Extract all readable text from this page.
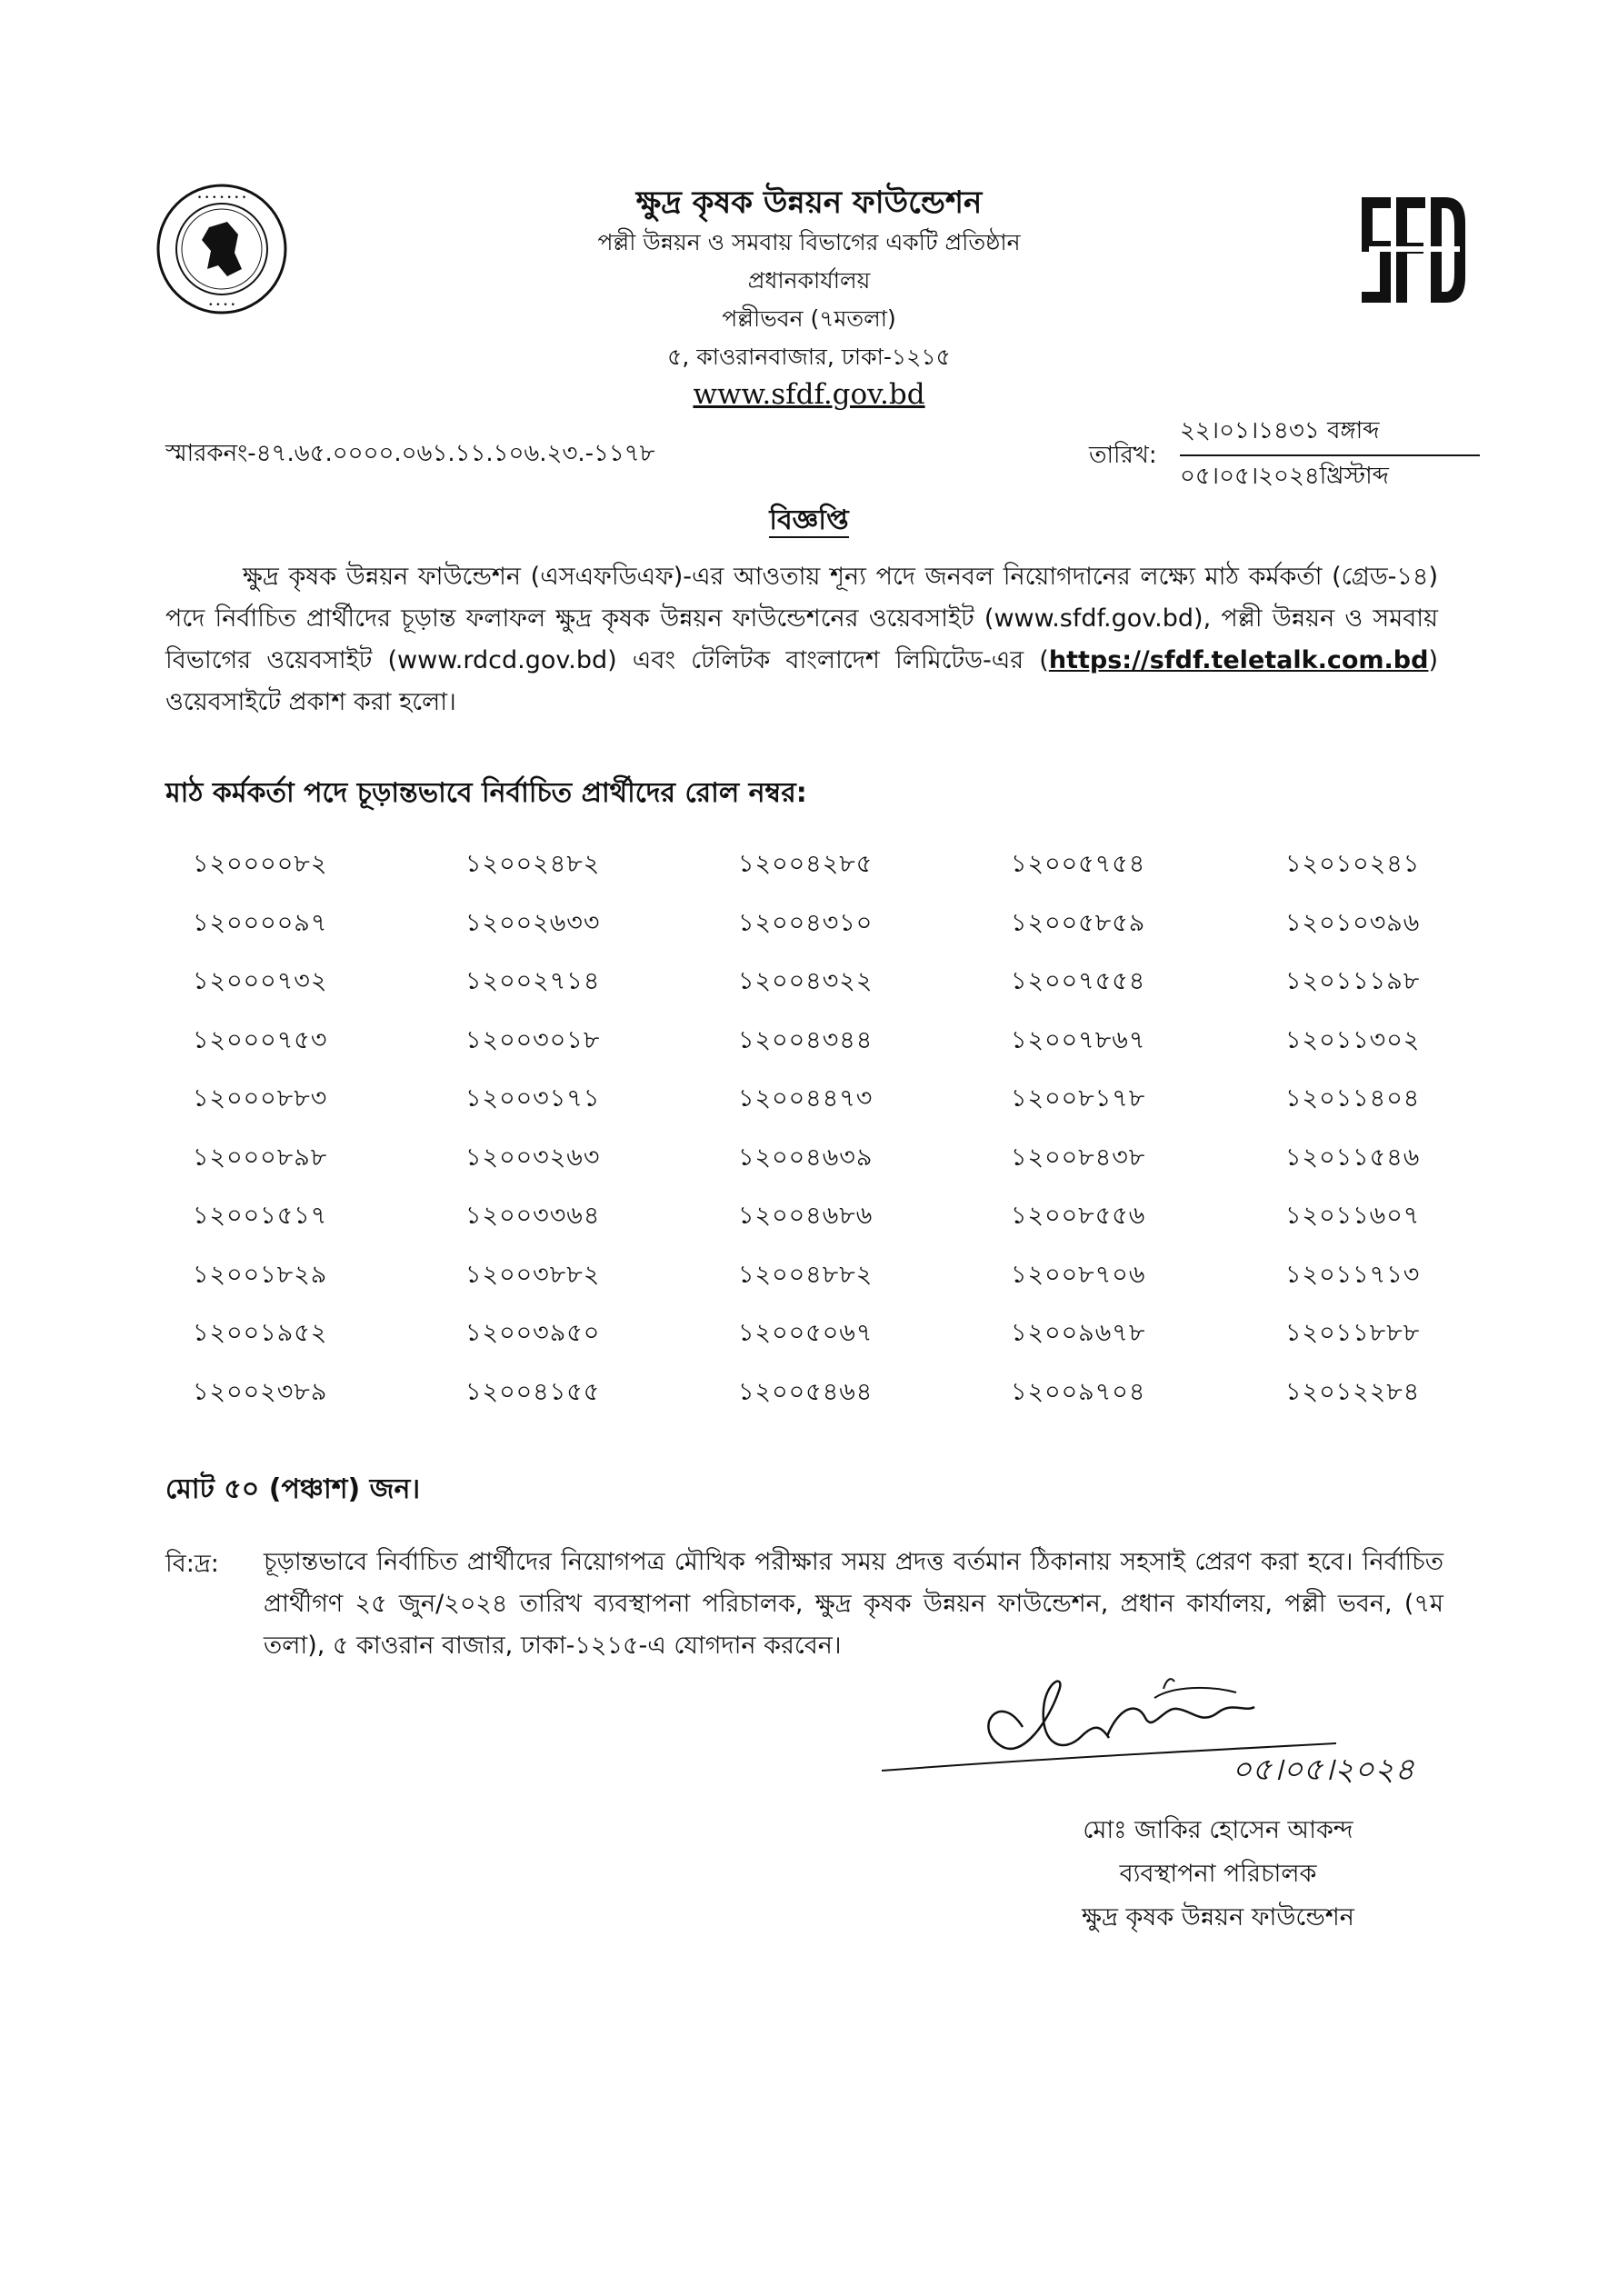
• • • • • • •
• • • •
ক্ষুদ্র কৃষক উন্নয়ন ফাউন্ডেশন
পল্লী উন্নয়ন ও সমবায় বিভাগের একটি প্রতিষ্ঠান
প্রধানকার্যালয়
পল্লীভবন (৭মতলা)
৫, কাওরানবাজার, ঢাকা-১২১৫
www.sfdf.gov.bd
স্মারকনং-৪৭.৬৫.০০০০.০৬১.১১.১০৬.২৩.-১১৭৮	তারিখ:
২২।০১।১৪৩১ বঙ্গাব্দ
০৫।০৫।২০২৪খ্রিস্টাব্দ
বিজ্ঞপ্তি
ক্ষুদ্র কৃষক উন্নয়ন ফাউন্ডেশন (এসএফডিএফ)-এর আওতায় শূন্য পদে জনবল নিয়োগদানের লক্ষ্যে মাঠ কর্মকর্তা (গ্রেড-১৪) পদে নির্বাচিত প্রার্থীদের চূড়ান্ত ফলাফল ক্ষুদ্র কৃষক উন্নয়ন ফাউন্ডেশনের ওয়েবসাইট (www.sfdf.gov.bd), পল্লী উন্নয়ন ও সমবায় বিভাগের ওয়েবসাইট (www.rdcd.gov.bd) এবং টেলিটক বাংলাদেশ লিমিটেড-এর (https://sfdf.teletalk.com.bd) ওয়েবসাইটে প্রকাশ করা হলো।
মাঠ কর্মকর্তা পদে চূড়ান্তভাবে নির্বাচিত প্রার্থীদের রোল নম্বর:
১২০০০০৮২	১২০০২৪৮২	১২০০৪২৮৫	১২০০৫৭৫৪	১২০১০২৪১
১২০০০০৯৭	১২০০২৬৩৩	১২০০৪৩১০	১২০০৫৮৫৯	১২০১০৩৯৬
১২০০০৭৩২	১২০০২৭১৪	১২০০৪৩২২	১২০০৭৫৫৪	১২০১১১৯৮
১২০০০৭৫৩	১২০০৩০১৮	১২০০৪৩৪৪	১২০০৭৮৬৭	১২০১১৩০২
১২০০০৮৮৩	১২০০৩১৭১	১২০০৪৪৭৩	১২০০৮১৭৮	১২০১১৪০৪
১২০০০৮৯৮	১২০০৩২৬৩	১২০০৪৬৩৯	১২০০৮৪৩৮	১২০১১৫৪৬
১২০০১৫১৭	১২০০৩৩৬৪	১২০০৪৬৮৬	১২০০৮৫৫৬	১২০১১৬০৭
১২০০১৮২৯	১২০০৩৮৮২	১২০০৪৮৮২	১২০০৮৭০৬	১২০১১৭১৩
১২০০১৯৫২	১২০০৩৯৫০	১২০০৫০৬৭	১২০০৯৬৭৮	১২০১১৮৮৮
১২০০২৩৮৯	১২০০৪১৫৫	১২০০৫৪৬৪	১২০০৯৭০৪	১২০১২২৮৪
মোট ৫০ (পঞ্চাশ) জন।
বি:দ্র: চূড়ান্তভাবে নির্বাচিত প্রার্থীদের নিয়োগপত্র মৌখিক পরীক্ষার সময় প্রদত্ত বর্তমান ঠিকানায় সহসাই প্রেরণ করা হবে। নির্বাচিত প্রার্থীগণ ২৫ জুন/২০২৪ তারিখ ব্যবস্থাপনা পরিচালক, ক্ষুদ্র কৃষক উন্নয়ন ফাউন্ডেশন, প্রধান কার্যালয়, পল্লী ভবন, (৭ম তলা), ৫ কাওরান বাজার, ঢাকা-১২১৫-এ যোগদান করবেন।
০৫।০৫।২০২৪
মোঃ জাকির হোসেন আকন্দ
ব্যবস্থাপনা পরিচালক
ক্ষুদ্র কৃষক উন্নয়ন ফাউন্ডেশন
